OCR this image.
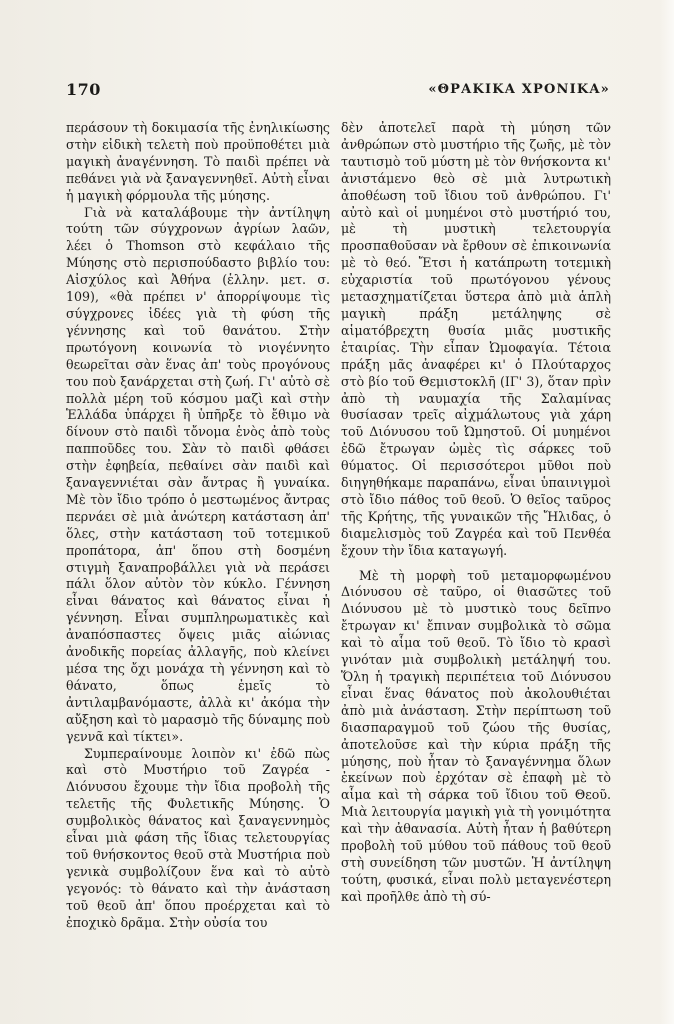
170	«ΘΡΑΚΙΚΑ ΧΡΟΝΙΚΑ»

περάσουν τὴ δοκιμασία τῆς ἐνηλικίωσης στὴν εἰδικὴ τελετὴ ποὺ προϋποθέτει μιὰ μαγικὴ ἀναγέννηση. Τὸ παιδὶ πρέπει νὰ πεθάνει γιὰ νὰ ξαναγεννηθεῖ. Αὐτὴ εἶναι ἡ μαγικὴ φόρμουλα τῆς μύησης.

Γιὰ νὰ καταλάβουμε τὴν ἀντίληψη τούτη τῶν σύγχρονων ἀγρίων λαῶν, λέει ὁ Thomson στὸ κεφάλαιο τῆς Μύησης στὸ περισπούδαστο βιβλίο του: Αἰσχύλος καὶ Ἀθήνα (ἑλλην. μετ. σ. 109), «θὰ πρέπει ν' ἀπορρίψουμε τὶς σύγχρονες ἰδέες γιὰ τὴ φύση τῆς γέννησης καὶ τοῦ θανάτου. Στὴν πρωτόγονη κοινωνία τὸ νιογέννητο θεωρεῖται σὰν ἕνας ἀπ' τοὺς προγόνους του ποὺ ξανάρχεται στὴ ζωή. Γι' αὐτὸ σὲ πολλὰ μέρη τοῦ κόσμου μαζὶ καὶ στὴν Ἑλλάδα ὑπάρχει ἢ ὑπῆρξε τὸ ἔθιμο νὰ δίνουν στὸ παιδὶ τὄνομα ἑνὸς ἀπὸ τοὺς παπποῦδες του. Σὰν τὸ παιδὶ φθάσει στὴν ἐφηβεία, πεθαίνει σὰν παιδὶ καὶ ξαναγεννιέται σὰν ἄντρας ἢ γυναίκα. Μὲ τὸν ἴδιο τρόπο ὁ μεστωμένος ἄντρας περνάει σὲ μιὰ ἀνώτερη κατάσταση ἀπ' ὅλες, στὴν κατάσταση τοῦ τοτεμικοῦ προπάτορα, ἀπ' ὅπου στὴ δοσμένη στιγμὴ ξαναπροβάλλει γιὰ νὰ περάσει πάλι ὅλον αὐτὸν τὸν κύκλο. Γέννηση εἶναι θάνατος καὶ θάνατος εἶναι ἡ γέννηση. Εἶναι συμπληρωματικὲς καὶ ἀναπόσπαστες ὄψεις μιᾶς αἰώνιας ἀνοδικῆς πορείας ἀλλαγῆς, ποὺ κλείνει μέσα της ὄχι μονάχα τὴ γέννηση καὶ τὸ θάνατο, ὅπως ἐμεῖς τὸ ἀντιλαμβανόμαστε, ἀλλὰ κι' ἀκόμα τὴν αὔξηση καὶ τὸ μαρασμὸ τῆς δύναμης ποὺ γεννᾶ καὶ τίκτει».

Συμπεραίνουμε λοιπὸν κι' ἐδῶ πὼς καὶ στὸ Μυστήριο τοῦ Ζαγρέα - Διόνυσου ἔχουμε τὴν ἴδια προβολὴ τῆς τελετῆς τῆς Φυλετικῆς Μύησης. Ὁ συμβολικὸς θάνατος καὶ ξαναγεννημὸς εἶναι μιὰ φάση τῆς ἴδιας τελετουργίας τοῦ θνήσκοντος θεοῦ στὰ Μυστήρια ποὺ γενικὰ συμβολίζουν ἕνα καὶ τὸ αὐτὸ γεγονός: τὸ θάνατο καὶ τὴν ἀνάσταση τοῦ θεοῦ ἀπ' ὅπου προέρχεται καὶ τὸ ἐποχικὸ δρᾶμα. Στὴν οὐσία του

δὲν ἀποτελεῖ παρὰ τὴ μύηση τῶν ἀνθρώπων στὸ μυστήριο τῆς ζωῆς, μὲ τὸν ταυτισμὸ τοῦ μύστη μὲ τὸν θνήσκοντα κι' ἀνιστάμενο θεὸ σὲ μιὰ λυτρωτικὴ ἀποθέωση τοῦ ἴδιου τοῦ ἀνθρώπου. Γι' αὐτὸ καὶ οἱ μυημένοι στὸ μυστήριό του, μὲ τὴ μυστικὴ τελετουργία προσπαθοῦσαν νὰ ἔρθουν σὲ ἐπικοινωνία μὲ τὸ θεό. Ἔτσι ἡ κατάπρωτη τοτεμικὴ εὐχαριστία τοῦ πρωτόγονου γένους μετασχηματίζεται ὕστερα ἀπὸ μιὰ ἁπλὴ μαγικὴ πράξη μετάληψης σὲ αἱματόβρεχτη θυσία μιᾶς μυστικῆς ἑταιρίας. Τὴν εἶπαν Ὠμοφαγία. Τέτοια πράξη μᾶς ἀναφέρει κι' ὁ Πλούταρχος στὸ βίο τοῦ Θεμιστοκλῆ (ΙΓ' 3), ὅταν πρὶν ἀπὸ τὴ ναυμαχία τῆς Σαλαμίνας θυσίασαν τρεῖς αἰχμάλωτους γιὰ χάρη τοῦ Διόνυσου τοῦ Ὠμηστοῦ. Οἱ μυημένοι ἐδῶ ἔτρωγαν ὠμὲς τὶς σάρκες τοῦ θύματος. Οἱ περισσότεροι μῦθοι ποὺ διηγηθήκαμε παραπάνω, εἶναι ὑπαινιγμοὶ στὸ ἴδιο πάθος τοῦ θεοῦ. Ὁ θεῖος ταῦρος τῆς Κρήτης, τῆς γυναικῶν τῆς Ἤλιδας, ὁ διαμελισμὸς τοῦ Ζαγρέα καὶ τοῦ Πενθέα ἔχουν τὴν ἴδια καταγωγή.

Μὲ τὴ μορφὴ τοῦ μεταμορφωμένου Διόνυσου σὲ ταῦρο, οἱ θιασῶτες τοῦ Διόνυσου μὲ τὸ μυστικὸ τους δεῖπνο ἔτρωγαν κι' ἔπιναν συμβολικὰ τὸ σῶμα καὶ τὸ αἷμα τοῦ θεοῦ. Τὸ ἴδιο τὸ κρασὶ γινόταν μιὰ συμβολικὴ μετάληψή του. Ὅλη ἡ τραγικὴ περιπέτεια τοῦ Διόνυσου εἶναι ἕνας θάνατος ποὺ ἀκολουθιέται ἀπὸ μιὰ ἀνάσταση. Στὴν περίπτωση τοῦ διασπαραγμοῦ τοῦ ζώου τῆς θυσίας, ἀποτελοῦσε καὶ τὴν κύρια πράξη τῆς μύησης, ποὺ ἦταν τὸ ξαναγέννημα ὅλων ἐκείνων ποὺ ἐρχόταν σὲ ἐπαφὴ μὲ τὸ αἷμα καὶ τὴ σάρκα τοῦ ἴδιου τοῦ Θεοῦ. Μιὰ λειτουργία μαγικὴ γιὰ τὴ γονιμότητα καὶ τὴν ἀθανασία. Αὐτὴ ἦταν ἡ βαθύτερη προβολὴ τοῦ μύθου τοῦ πάθους τοῦ θεοῦ στὴ συνείδηση τῶν μυστῶν. Ἡ ἀντίληψη τούτη, φυσικά, εἶναι πολὺ μεταγενέστερη καὶ προῆλθε ἀπὸ τὴ σύ-
